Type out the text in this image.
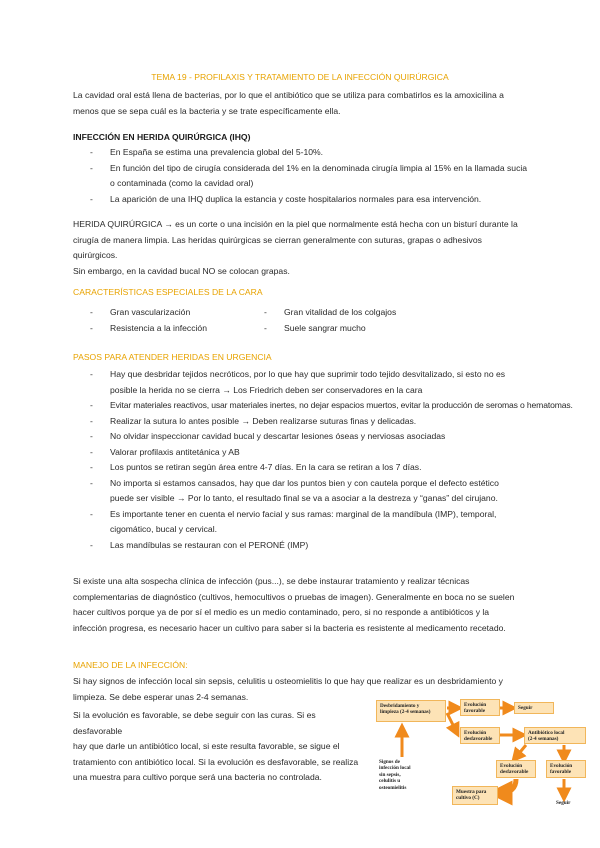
TEMA 19 - PROFILAXIS Y TRATAMIENTO DE LA INFECCIÓN QUIRÚRGICA
La cavidad oral está llena de bacterias, por lo que el antibiótico que se utiliza para combatirlos es la amoxicilina a
menos que se sepa cuál es la bacteria y se trate específicamente ella.
INFECCIÓN EN HERIDA QUIRÚRGICA (IHQ)
- En España se estima una prevalencia global del 5-10%.
- En función del tipo de cirugía considerada del 1% en la denominada cirugía limpia al 15% en la llamada sucia
o contaminada (como la cavidad oral)
- La aparición de una IHQ duplica la estancia y coste hospitalarios normales para esa intervención.
HERIDA QUIRÚRGICA → es un corte o una incisión en la piel que normalmente está hecha con un bisturí durante la
cirugía de manera limpia. Las heridas quirúrgicas se cierran generalmente con suturas, grapas o adhesivos quirúrgicos.
Sin embargo, en la cavidad bucal NO se colocan grapas.
CARACTERÍSTICAS ESPECIALES DE LA CARA
- Gran vascularización
- Resistencia a la infección
- Gran vitalidad de los colgajos
- Suele sangrar mucho
PASOS PARA ATENDER HERIDAS EN URGENCIA
- Hay que desbridar tejidos necróticos, por lo que hay que suprimir todo tejido desvitalizado, si esto no es
posible la herida no se cierra → Los Friedrich deben ser conservadores en la cara
- Evitar materiales reactivos, usar materiales inertes, no dejar espacios muertos, evitar la producción de seromas o hematomas.
- Realizar la sutura lo antes posible → Deben realizarse suturas finas y delicadas.
- No olvidar inspeccionar cavidad bucal y descartar lesiones óseas y nerviosas asociadas
- Valorar profilaxis antitetánica y AB
- Los puntos se retiran según área entre 4-7 días. En la cara se retiran a los 7 días.
- No importa si estamos cansados, hay que dar los puntos bien y con cautela porque el defecto estético
puede ser visible → Por lo tanto, el resultado final se va a asociar a la destreza y “ganas” del cirujano.
- Es importante tener en cuenta el nervio facial y sus ramas: marginal de la mandíbula (IMP), temporal,
cigomático, bucal y cervical.
- Las mandíbulas se restauran con el PERONÉ (IMP)
Si existe una alta sospecha clínica de infección (pus...), se debe instaurar tratamiento y realizar técnicas
complementarias de diagnóstico (cultivos, hemocultivos o pruebas de imagen). Generalmente en boca no se suelen
hacer cultivos porque ya de por sí el medio es un medio contaminado, pero, si no responde a antibióticos y la
infección progresa, es necesario hacer un cultivo para saber si la bacteria es resistente al medicamento recetado.
MANEJO DE LA INFECCIÓN:
Si hay signos de infección local sin sepsis, celulitis u osteomielitis lo que hay que realizar es un desbridamiento y
limpieza. Se debe esperar unas 2-4 semanas.
Si la evolución es favorable, se debe seguir con las curas. Si es desfavorable
hay que darle un antibiótico local, si este resulta favorable, se sigue el
tratamiento con antibiótico local. Si la evolución es desfavorable, se realiza
una muestra para cultivo porque será una bacteria no controlada.
Desbridamiento y
limpieza (2-4 semanas)
Evolución
favorable
Seguir
Evolución
desfavorable
Antibiótico local
(2-4 semanas)
Signos de
infección local
sin sepsis,
celulitis u
osteomielitis
Evolución
desfavorable
Evolución
favorable
Muestra para
cultivo (C)
Seguir
